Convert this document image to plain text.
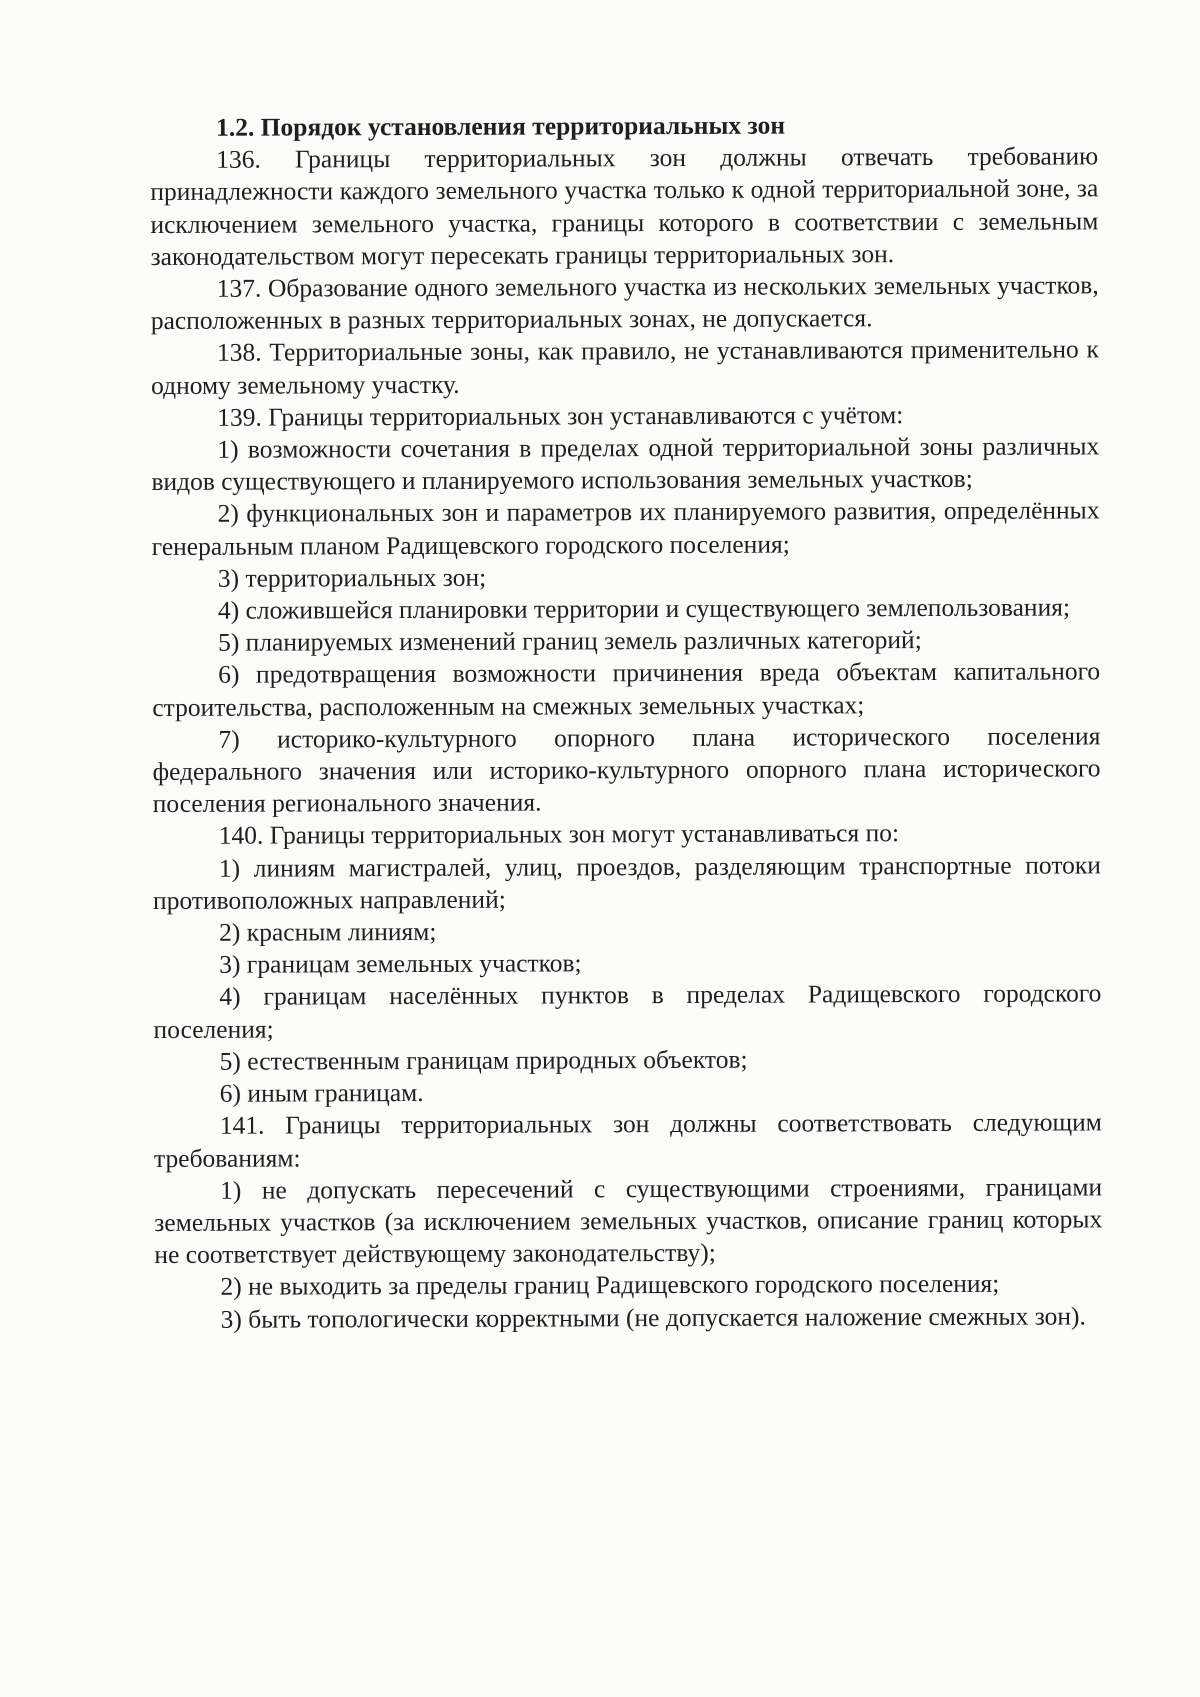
1.2. Порядок установления территориальных зон

136. Границы территориальных зон должны отвечать требованию принадлежности каждого земельного участка только к одной территориальной зоне, за исключением земельного участка, границы которого в соответствии с земельным законодательством могут пересекать границы территориальных зон.

137. Образование одного земельного участка из нескольких земельных участков, расположенных в разных территориальных зонах, не допускается.

138. Территориальные зоны, как правило, не устанавливаются применительно к одному земельному участку.

139. Границы территориальных зон устанавливаются с учётом:

1) возможности сочетания в пределах одной территориальной зоны различных видов существующего и планируемого использования земельных участков;

2) функциональных зон и параметров их планируемого развития, определённых генеральным планом Радищевского городского поселения;

3) территориальных зон;

4) сложившейся планировки территории и существующего землепользования;

5) планируемых изменений границ земель различных категорий;

6) предотвращения возможности причинения вреда объектам капитального строительства, расположенным на смежных земельных участках;

7) историко-культурного опорного плана исторического поселения федерального значения или историко-культурного опорного плана исторического поселения регионального значения.

140. Границы территориальных зон могут устанавливаться по:

1) линиям магистралей, улиц, проездов, разделяющим транспортные потоки противоположных направлений;

2) красным линиям;

3) границам земельных участков;

4) границам населённых пунктов в пределах Радищевского городского поселения;

5) естественным границам природных объектов;

6) иным границам.

141. Границы территориальных зон должны соответствовать следующим требованиям:

1) не допускать пересечений с существующими строениями, границами земельных участков (за исключением земельных участков, описание границ которых не соответствует действующему законодательству);

2) не выходить за пределы границ Радищевского городского поселения;

3) быть топологически корректными (не допускается наложение смежных зон).
